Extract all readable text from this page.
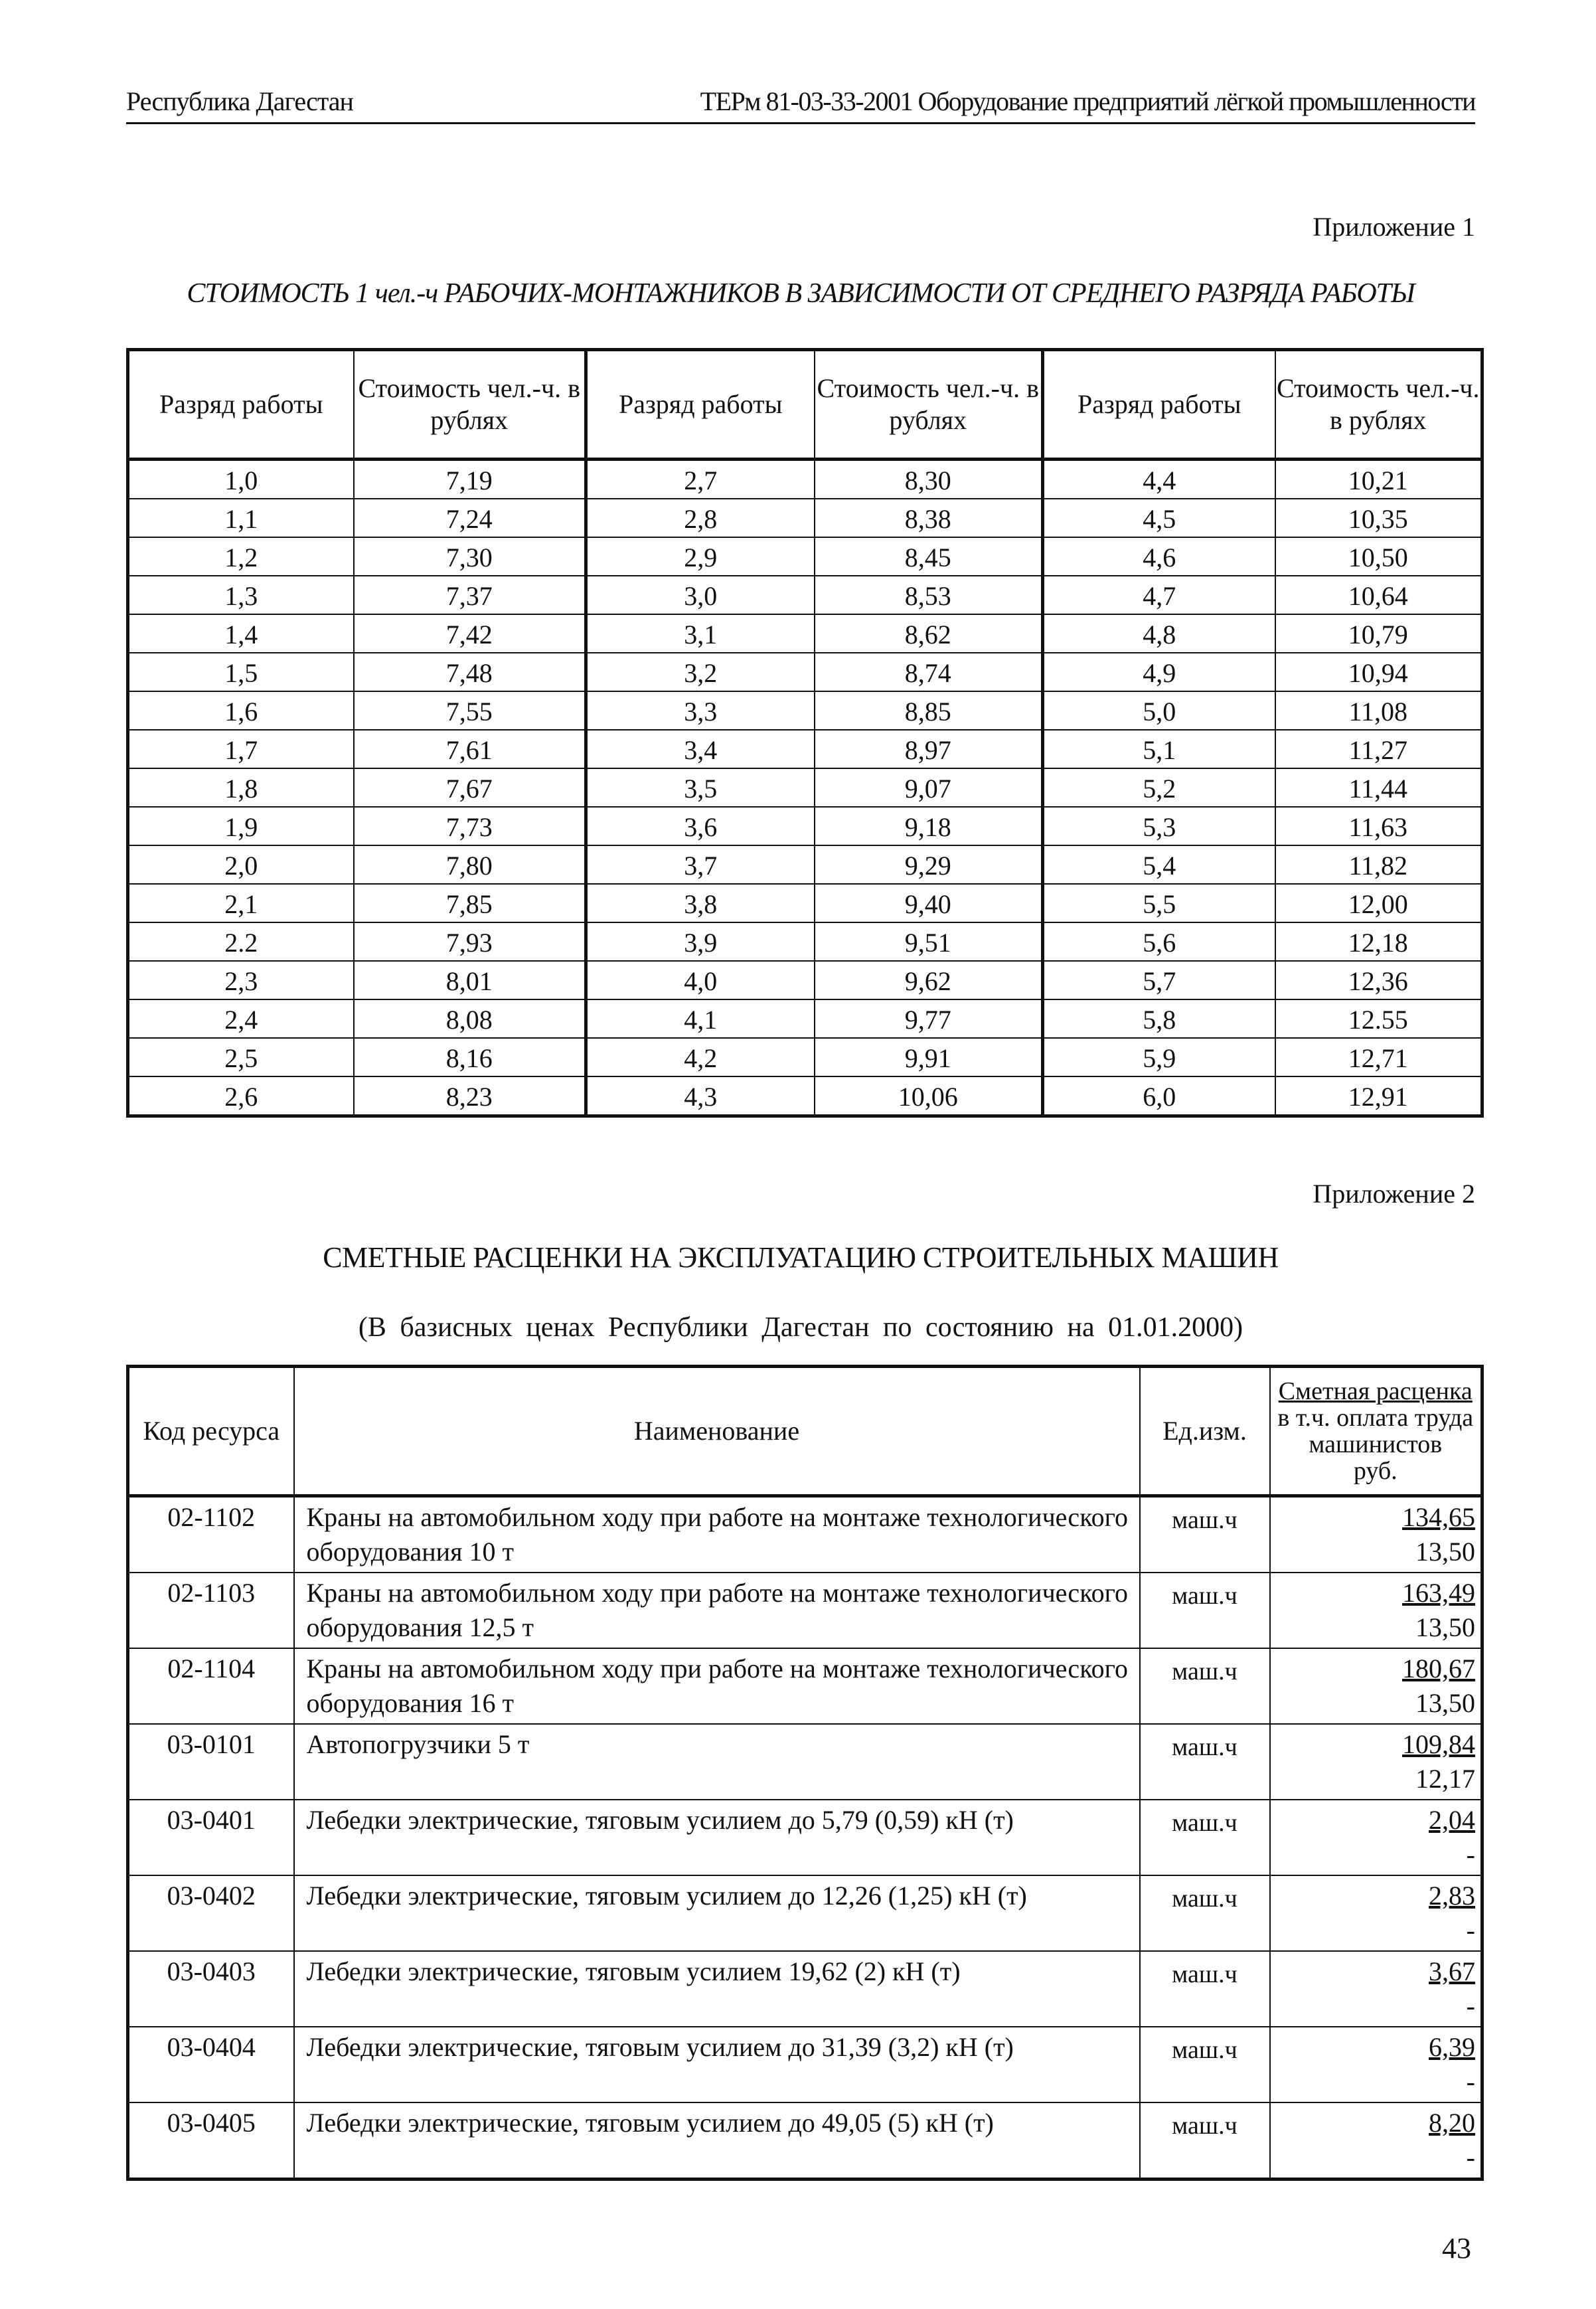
Республика Дагестан	ТЕРм 81-03-33-2001 Оборудование предприятий лёгкой промышленности
Приложение 1
СТОИМОСТЬ 1 чел.-ч РАБОЧИХ-МОНТАЖНИКОВ В ЗАВИСИМОСТИ ОТ СРЕДНЕГО РАЗРЯДА РАБОТЫ
Разряд работы	Стоимость чел.-ч. в рублях	Разряд работы	Стоимость чел.-ч. в рублях	Разряд работы	Стоимость чел.-ч. в рублях
1,0	7,19	2,7	8,30	4,4	10,21
1,1	7,24	2,8	8,38	4,5	10,35
1,2	7,30	2,9	8,45	4,6	10,50
1,3	7,37	3,0	8,53	4,7	10,64
1,4	7,42	3,1	8,62	4,8	10,79
1,5	7,48	3,2	8,74	4,9	10,94
1,6	7,55	3,3	8,85	5,0	11,08
1,7	7,61	3,4	8,97	5,1	11,27
1,8	7,67	3,5	9,07	5,2	11,44
1,9	7,73	3,6	9,18	5,3	11,63
2,0	7,80	3,7	9,29	5,4	11,82
2,1	7,85	3,8	9,40	5,5	12,00
2.2	7,93	3,9	9,51	5,6	12,18
2,3	8,01	4,0	9,62	5,7	12,36
2,4	8,08	4,1	9,77	5,8	12.55
2,5	8,16	4,2	9,91	5,9	12,71
2,6	8,23	4,3	10,06	6,0	12,91
Приложение 2
СМЕТНЫЕ РАСЦЕНКИ НА ЭКСПЛУАТАЦИЮ СТРОИТЕЛЬНЫХ МАШИН
(В базисных ценах Республики Дагестан по состоянию на 01.01.2000)
Код ресурса	Наименование	Ед.изм.	Сметная расценка
в т.ч. оплата труда машинистов
руб.

02-1102	Краны на автомобильном ходу при работе на монтаже технологического оборудования 10 т	маш.ч	134,65
13,50

02-1103	Краны на автомобильном ходу при работе на монтаже технологического оборудования 12,5 т	маш.ч	163,49
13,50

02-1104	Краны на автомобильном ходу при работе на монтаже технологического оборудования 16 т	маш.ч	180,67
13,50

03-0101	Автопогрузчики 5 т	маш.ч	109,84
12,17

03-0401	Лебедки электрические, тяговым усилием до 5,79 (0,59) кН (т)	маш.ч	2,04
-

03-0402	Лебедки электрические, тяговым усилием до 12,26 (1,25) кН (т)	маш.ч	2,83
-

03-0403	Лебедки электрические, тяговым усилием 19,62 (2) кН (т)	маш.ч	3,67
-

03-0404	Лебедки электрические, тяговым усилием до 31,39 (3,2) кН (т)	маш.ч	6,39
-

03-0405	Лебедки электрические, тяговым усилием до 49,05 (5) кН (т)	маш.ч	8,20
-
43
